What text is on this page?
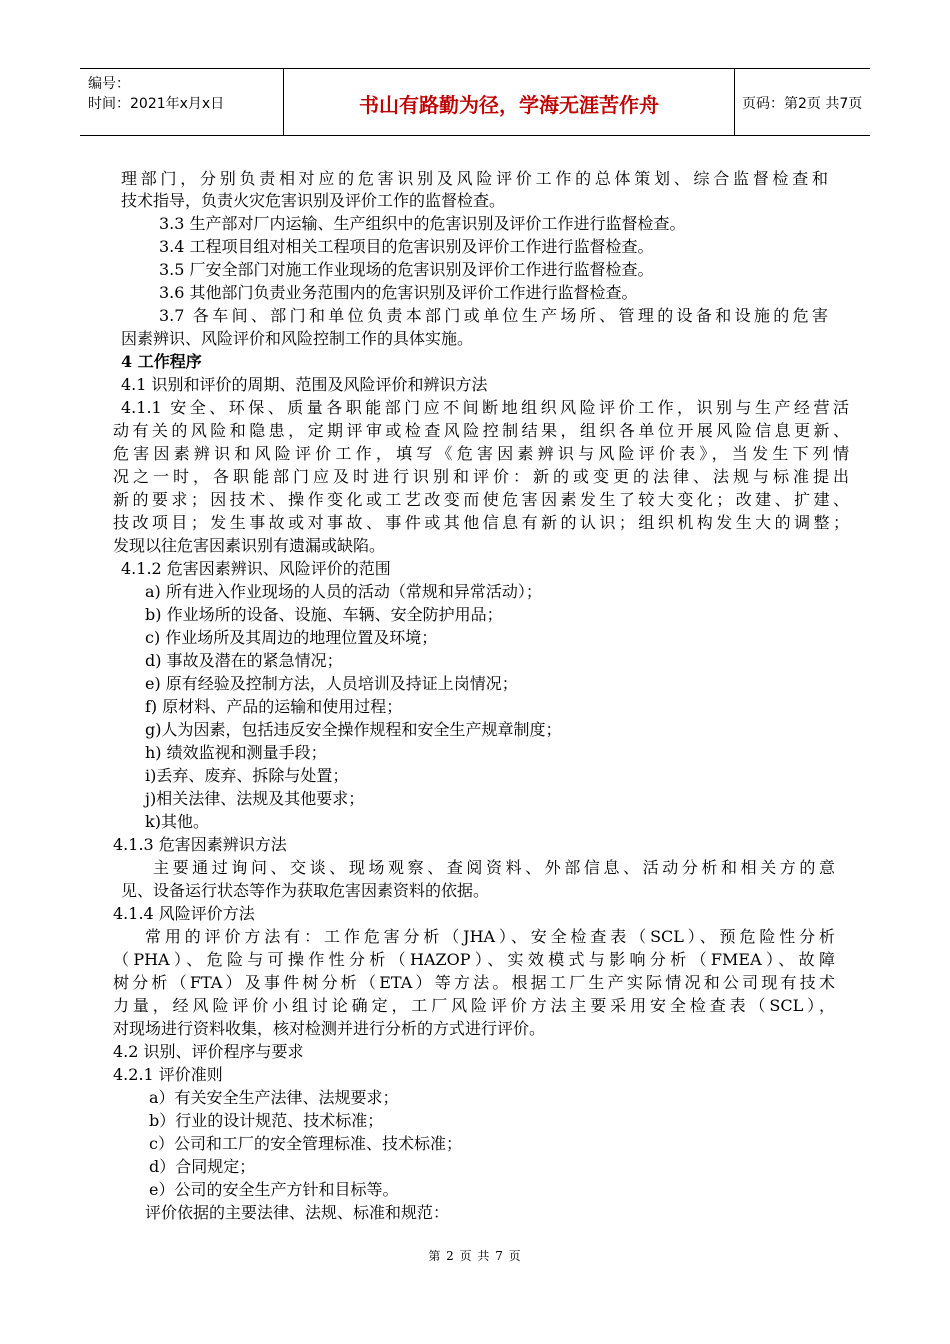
编号：
时间：2021年x月x日	书山有路勤为径，学海无涯苦作舟	页码：第2页 共7页
理部门，分别负责相对应的危害识别及风险评价工作的总体策划、综合监督检查和
技术指导，负责火灾危害识别及评价工作的监督检查。
3.3 生产部对厂内运输、生产组织中的危害识别及评价工作进行监督检查。
3.4 工程项目组对相关工程项目的危害识别及评价工作进行监督检查。
3.5 厂安全部门对施工作业现场的危害识别及评价工作进行监督检查。
3.6 其他部门负责业务范围内的危害识别及评价工作进行监督检查。
3.7 各车间、部门和单位负责本部门或单位生产场所、管理的设备和设施的危害
因素辨识、风险评价和风险控制工作的具体实施。
4 工作程序
4.1 识别和评价的周期、范围及风险评价和辨识方法
4.1.1 安全、环保、质量各职能部门应不间断地组织风险评价工作，识别与生产经营活
动有关的风险和隐患，定期评审或检查风险控制结果，组织各单位开展风险信息更新、
危害因素辨识和风险评价工作，填写《危害因素辨识与风险评价表》，当发生下列情
况之一时，各职能部门应及时进行识别和评价：新的或变更的法律、法规与标准提出
新的要求；因技术、操作变化或工艺改变而使危害因素发生了较大变化；改建、扩建、
技改项目；发生事故或对事故、事件或其他信息有新的认识；组织机构发生大的调整；
发现以往危害因素识别有遗漏或缺陷。
4.1.2 危害因素辨识、风险评价的范围
a) 所有进入作业现场的人员的活动（常规和异常活动）；
b) 作业场所的设备、设施、车辆、安全防护用品；
c) 作业场所及其周边的地理位置及环境；
d) 事故及潜在的紧急情况；
e) 原有经验及控制方法，人员培训及持证上岗情况；
f) 原材料、产品的运输和使用过程；
g)人为因素，包括违反安全操作规程和安全生产规章制度；
h) 绩效监视和测量手段；
i)丢弃、废弃、拆除与处置；
j)相关法律、法规及其他要求；
k)其他。
4.1.3 危害因素辨识方法
主要通过询问、交谈、现场观察、查阅资料、外部信息、活动分析和相关方的意
见、设备运行状态等作为获取危害因素资料的依据。
4.1.4 风险评价方法
常用的评价方法有：工作危害分析（JHA）、安全检查表（SCL）、预危险性分析
（PHA）、危险与可操作性分析（HAZOP）、实效模式与影响分析（FMEA）、故障
树分析（FTA）及事件树分析（ETA）等方法。根据工厂生产实际情况和公司现有技术
力量，经风险评价小组讨论确定，工厂风险评价方法主要采用安全检查表（SCL），
对现场进行资料收集，核对检测并进行分析的方式进行评价。
4.2 识别、评价程序与要求
4.2.1 评价准则
a）有关安全生产法律、法规要求；
b）行业的设计规范、技术标准；
c）公司和工厂的安全管理标准、技术标准；
d）合同规定；
e）公司的安全生产方针和目标等。
评价依据的主要法律、法规、标准和规范：
第 2 页 共 7 页
